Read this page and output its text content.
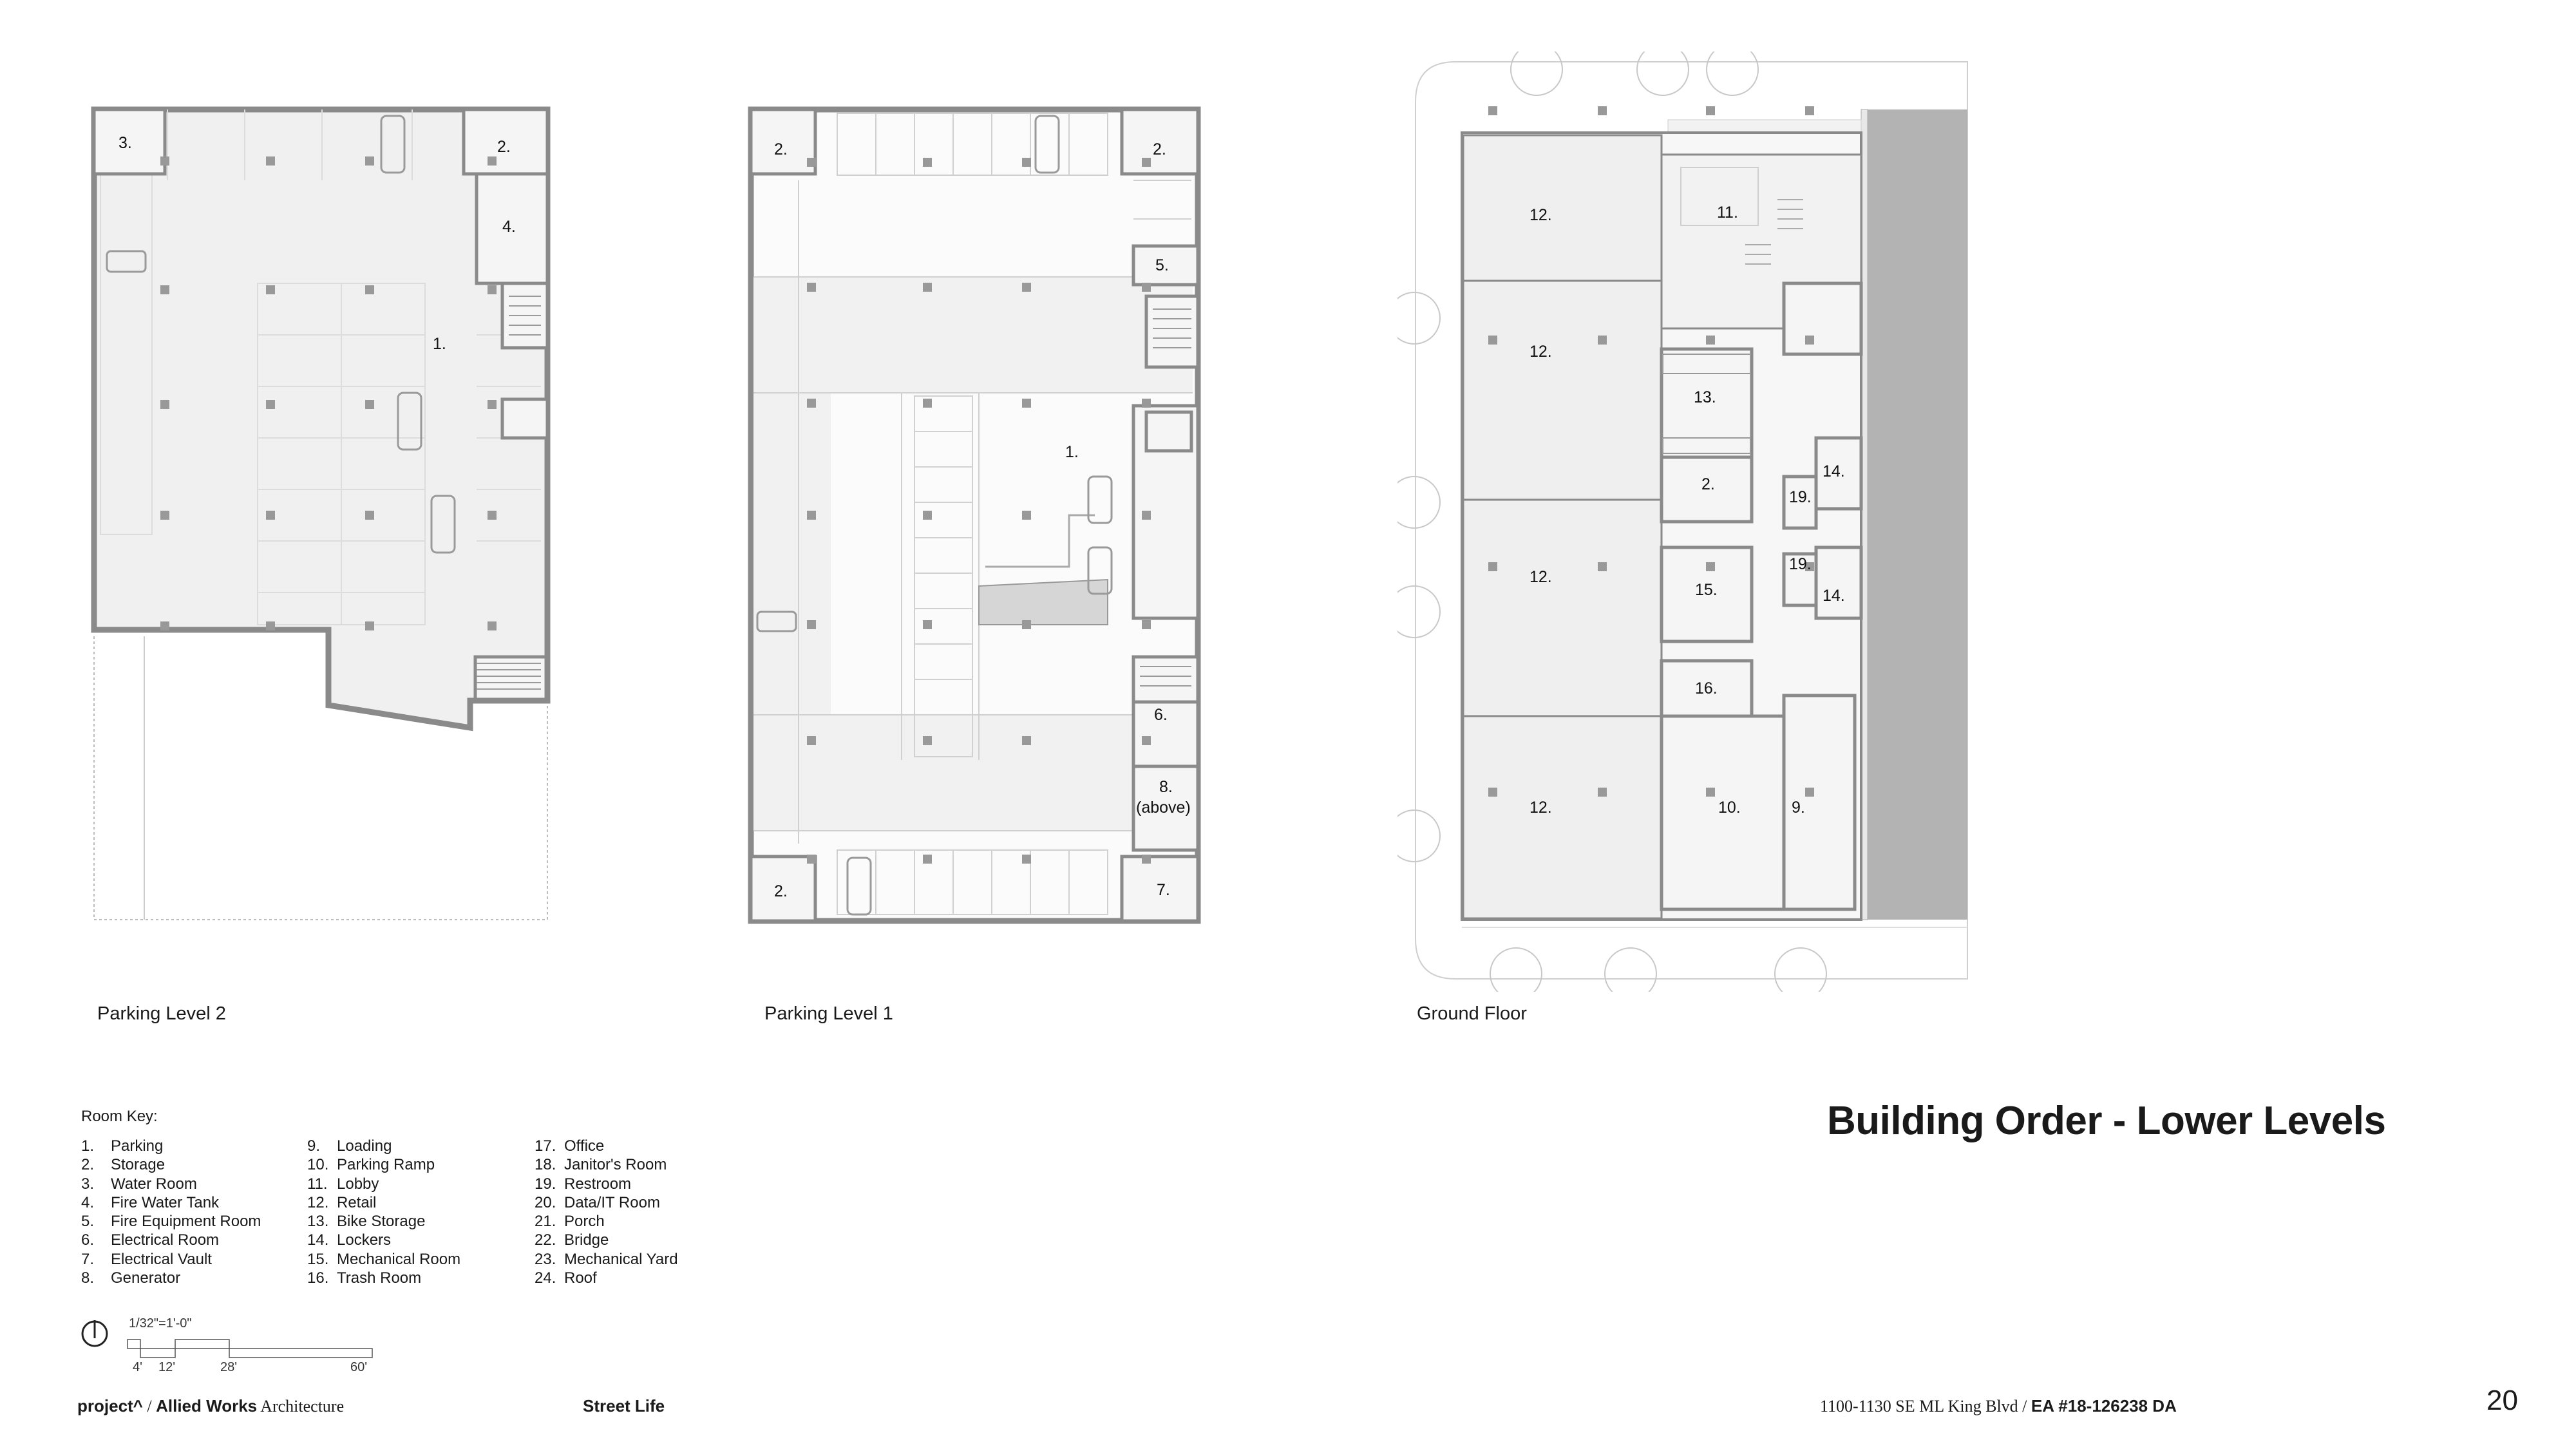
3.	2.
4.
1.
2.	2.
5.
1.
6.
8.
(above)
2.	7.
12.	11.
12.
13.
2.
14.
19.
12.
15.
19.
14.
16.
12.	10.	9.
Parking Level 2	Parking Level 1	Ground Floor
Building Order - Lower Levels
Room Key:
1. Parking
2. Storage
3. Water Room
4. Fire Water Tank
5. Fire Equipment Room
6. Electrical Room
7. Electrical Vault
8. Generator
9. Loading
10. Parking Ramp
11. Lobby
12. Retail
13. Bike Storage
14. Lockers
15. Mechanical Room
16. Trash Room
17. Office
18. Janitor's Room
19. Restroom
20. Data/IT Room
21. Porch
22. Bridge
23. Mechanical Yard
24. Roof
1/32"=1'-0"
4' 12'	28'	60'
project^ / Allied Works Architecture	Street Life	1100-1130 SE ML King Blvd / EA #18-126238 DA	20
